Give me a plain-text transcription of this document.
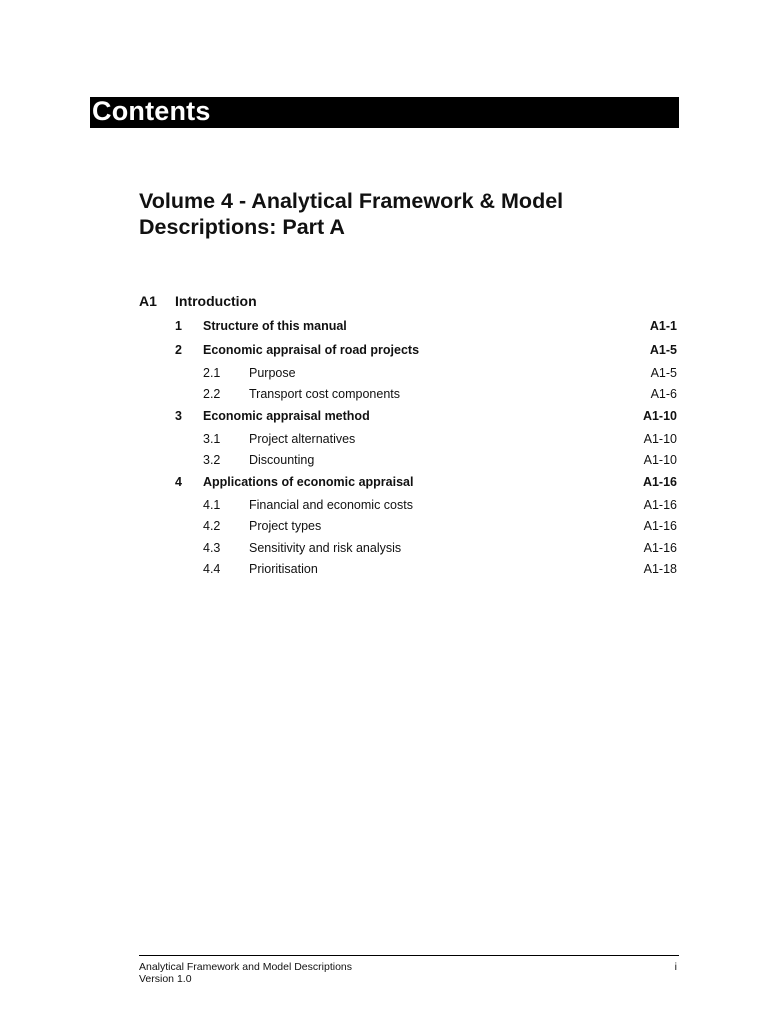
Contents
Volume 4 - Analytical Framework & Model Descriptions: Part A
A1 Introduction
1 Structure of this manual	A1-1
2 Economic appraisal of road projects	A1-5
2.1 Purpose	A1-5
2.2 Transport cost components	A1-6
3 Economic appraisal method	A1-10
3.1 Project alternatives	A1-10
3.2 Discounting	A1-10
4 Applications of economic appraisal	A1-16
4.1 Financial and economic costs	A1-16
4.2 Project types	A1-16
4.3 Sensitivity and risk analysis	A1-16
4.4 Prioritisation	A1-18
Analytical Framework and Model Descriptions
Version 1.0
i
